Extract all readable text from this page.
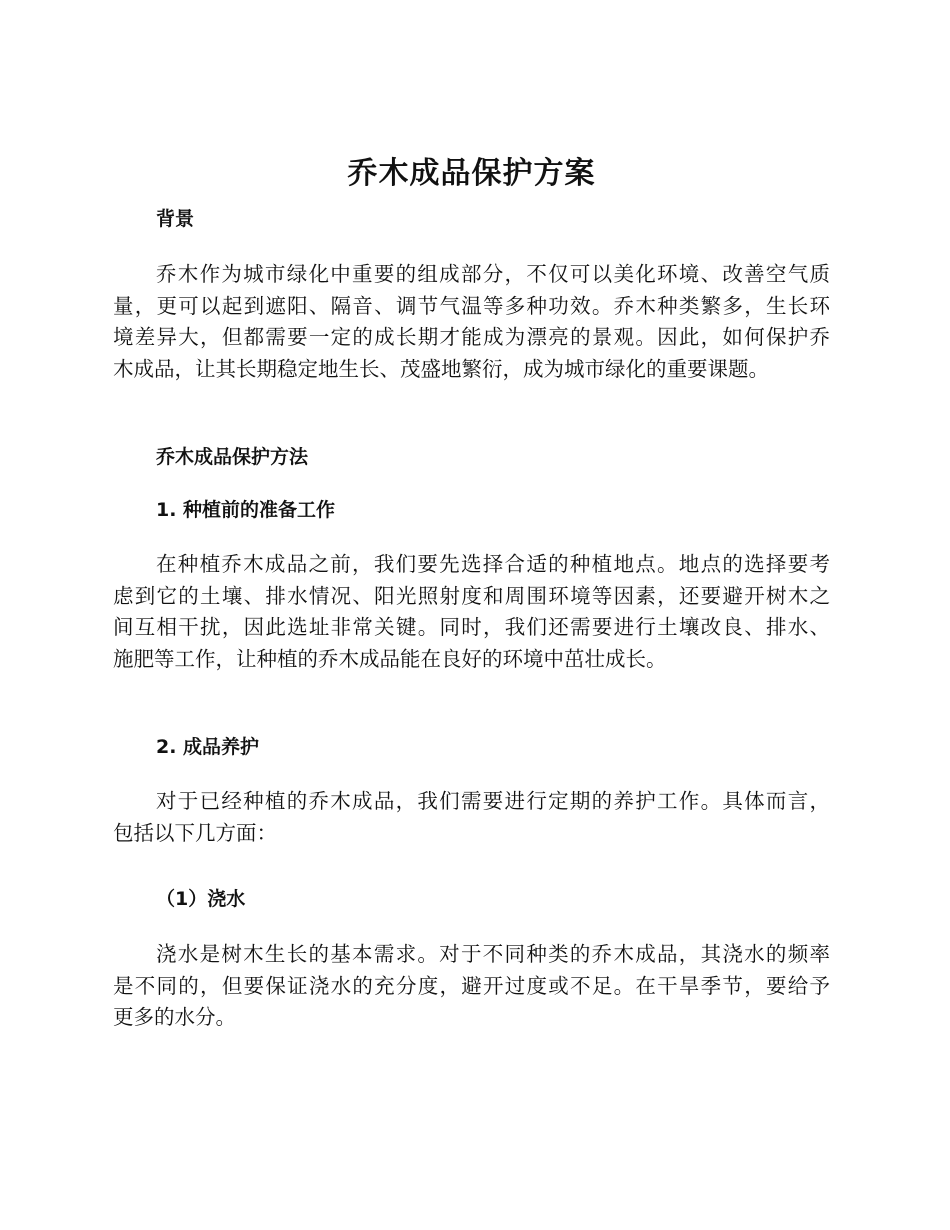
乔木成品保护方案
背景
乔木作为城市绿化中重要的组成部分，不仅可以美化环境、改善空气质
量，更可以起到遮阳、隔音、调节气温等多种功效。乔木种类繁多，生长环
境差异大，但都需要一定的成长期才能成为漂亮的景观。因此，如何保护乔
木成品，让其长期稳定地生长、茂盛地繁衍，成为城市绿化的重要课题。
乔木成品保护方法
1. 种植前的准备工作
在种植乔木成品之前，我们要先选择合适的种植地点。地点的选择要考
虑到它的土壤、排水情况、阳光照射度和周围环境等因素，还要避开树木之
间互相干扰，因此选址非常关键。同时，我们还需要进行土壤改良、排水、
施肥等工作，让种植的乔木成品能在良好的环境中茁壮成长。
2. 成品养护
对于已经种植的乔木成品，我们需要进行定期的养护工作。具体而言，
包括以下几方面：
（1）浇水
浇水是树木生长的基本需求。对于不同种类的乔木成品，其浇水的频率
是不同的，但要保证浇水的充分度，避开过度或不足。在干旱季节，要给予
更多的水分。
